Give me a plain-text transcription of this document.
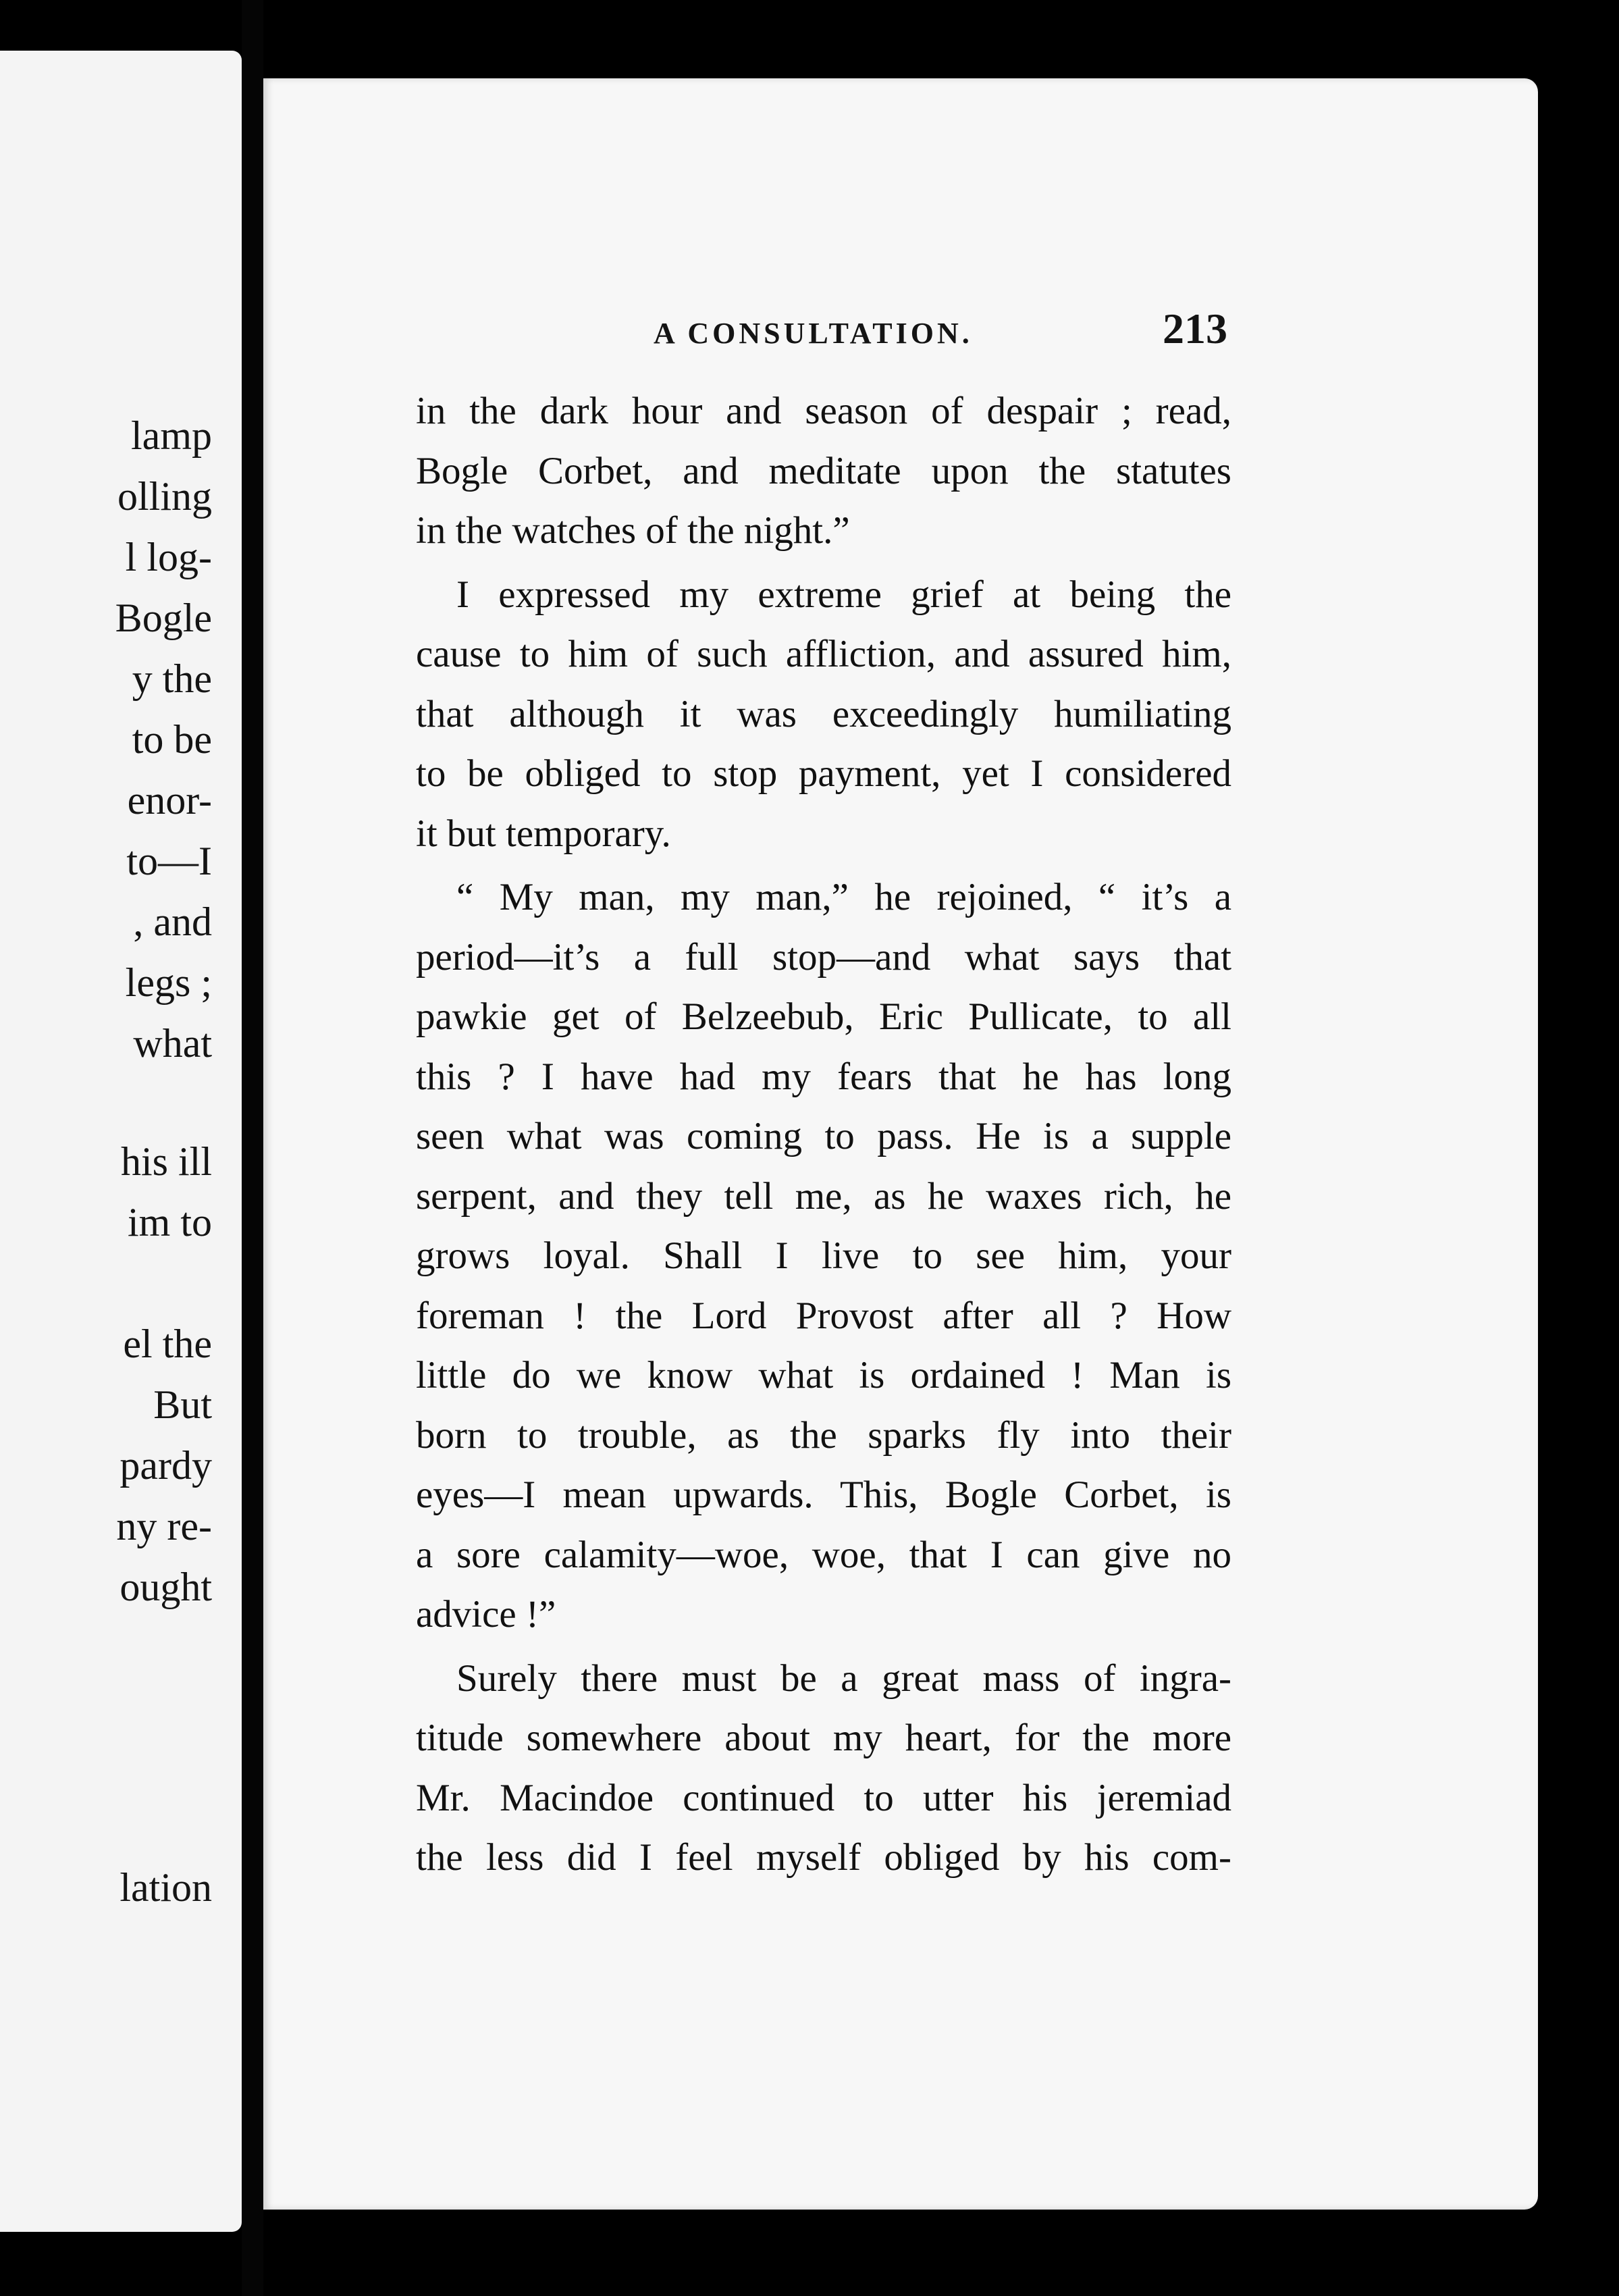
lamp
olling
l log-
Bogle
y the
to be
enor-
to—I
, and
legs ;
what
his ill
im to
el the
But
pardy
ny re-
ought
lation
A CONSULTATION.	213
in the dark hour and season of despair ; read,
Bogle Corbet, and meditate upon the statutes
in the watches of the night.”
I expressed my extreme grief at being the
cause to him of such affliction, and assured him,
that although it was exceedingly humiliating
to be obliged to stop payment, yet I considered
it but temporary.
“ My man, my man,” he rejoined, “ it’s a
period—it’s a full stop—and what says that
pawkie get of Belzeebub, Eric Pullicate, to all
this ? I have had my fears that he has long
seen what was coming to pass. He is a supple
serpent, and they tell me, as he waxes rich, he
grows loyal. Shall I live to see him, your
foreman ! the Lord Provost after all ? How
little do we know what is ordained ! Man is
born to trouble, as the sparks fly into their
eyes—I mean upwards. This, Bogle Corbet, is
a sore calamity—woe, woe, that I can give no
advice !”
Surely there must be a great mass of ingra-
titude somewhere about my heart, for the more
Mr. Macindoe continued to utter his jeremiad
the less did I feel myself obliged by his com-
